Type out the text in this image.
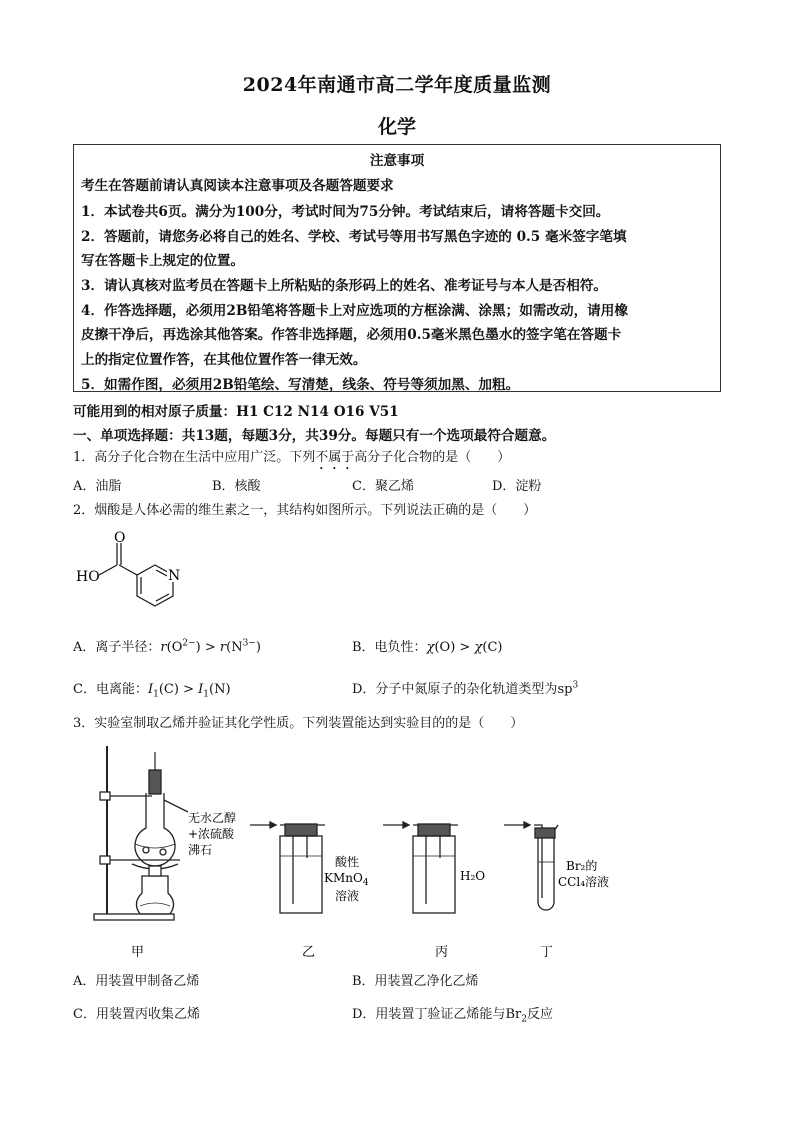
2024年南通市高二学年度质量监测
化学
注意事项
考生在答题前请认真阅读本注意事项及各题答题要求
1．本试卷共6页。满分为100分，考试时间为75分钟。考试结束后，请将答题卡交回。
2．答题前，请您务必将自己的姓名、学校、考试号等用书写黑色字迹的 0.5 毫米签字笔填
写在答题卡上规定的位置。
3．请认真核对监考员在答题卡上所粘贴的条形码上的姓名、准考证号与本人是否相符。
4．作答选择题，必须用2B铅笔将答题卡上对应选项的方框涂满、涂黑；如需改动，请用橡
皮擦干净后，再选涂其他答案。作答非选择题，必须用0.5毫米黑色墨水的签字笔在答题卡
上的指定位置作答，在其他位置作答一律无效。
5．如需作图，必须用2B铅笔绘、写清楚，线条、符号等须加黑、加粗。
可能用到的相对原子质量：H1 C12 N14 O16 V51
一、单项选择题：共13题，每题3分，共39分。每题只有一个选项最符合题意。
1．高分子化合物在生活中应用广泛。下列不属于高分子化合物的是（　　）
A．油脂	B．核酸	C．聚乙烯	D．淀粉
2．烟酸是人体必需的维生素之一，其结构如图所示。下列说法正确的是（　　）
O
HO	N
A．离子半径：$r(O^{2-}) > r(N^{3-})$	B．电负性：χ(O) > χ(C)
C．电离能：$I_1(C) > I_1(N)$	D．分子中氮原子的杂化轨道类型为$sp^3$
3．实验室制取乙烯并验证其化学性质。下列装置能达到实验目的的是（　　）
无水乙醇
+浓硫酸
沸石
酸性
KMnO$_4$
溶液
H₂O
Br₂的
CCl₄溶液
甲	乙	丙	丁
A．用装置甲制备乙烯	B．用装置乙净化乙烯
C．用装置丙收集乙烯	D．用装置丁验证乙烯能与$Br_2$反应
